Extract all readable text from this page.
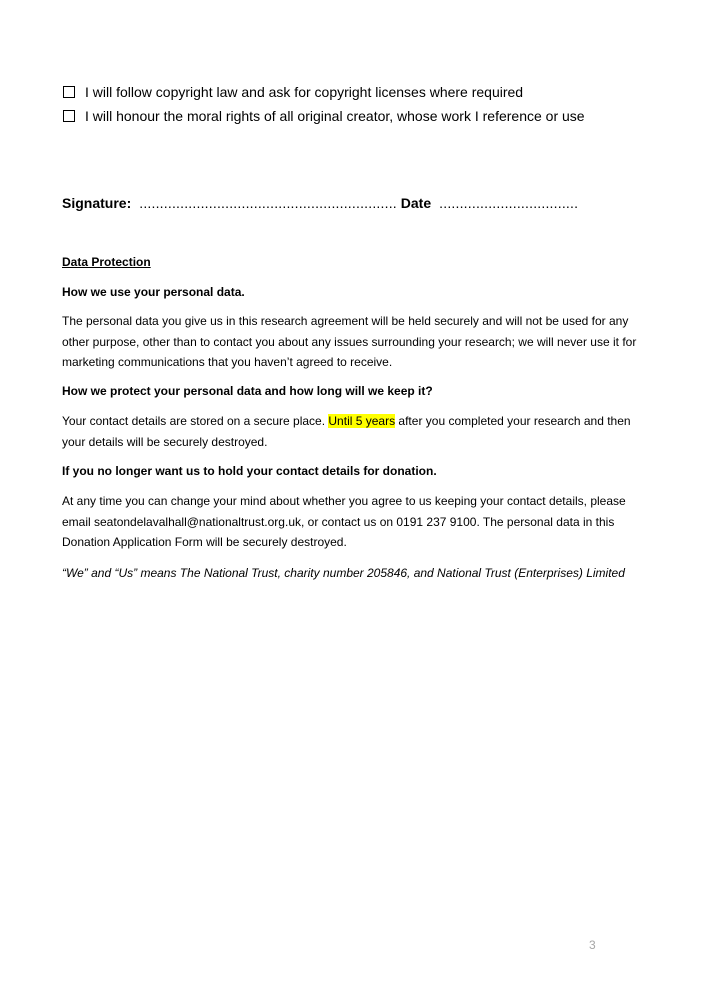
I will follow copyright law and ask for copyright licenses where required
I will honour the moral rights of all original creator, whose work I reference or use
Signature: ............................................................... Date ..................................
Data Protection
How we use your personal data.
The personal data you give us in this research agreement will be held securely and will not be used for any other purpose, other than to contact you about any issues surrounding your research; we will never use it for marketing communications that you haven’t agreed to receive.
How we protect your personal data and how long will we keep it?
Your contact details are stored on a secure place. Until 5 years after you completed your research and then your details will be securely destroyed.
If you no longer want us to hold your contact details for donation.
At any time you can change your mind about whether you agree to us keeping your contact details, please email seatondelavalhall@nationaltrust.org.uk, or contact us on 0191 237 9100. The personal data in this Donation Application Form will be securely destroyed.
“We” and “Us” means The National Trust, charity number 205846, and National Trust (Enterprises) Limited
3
